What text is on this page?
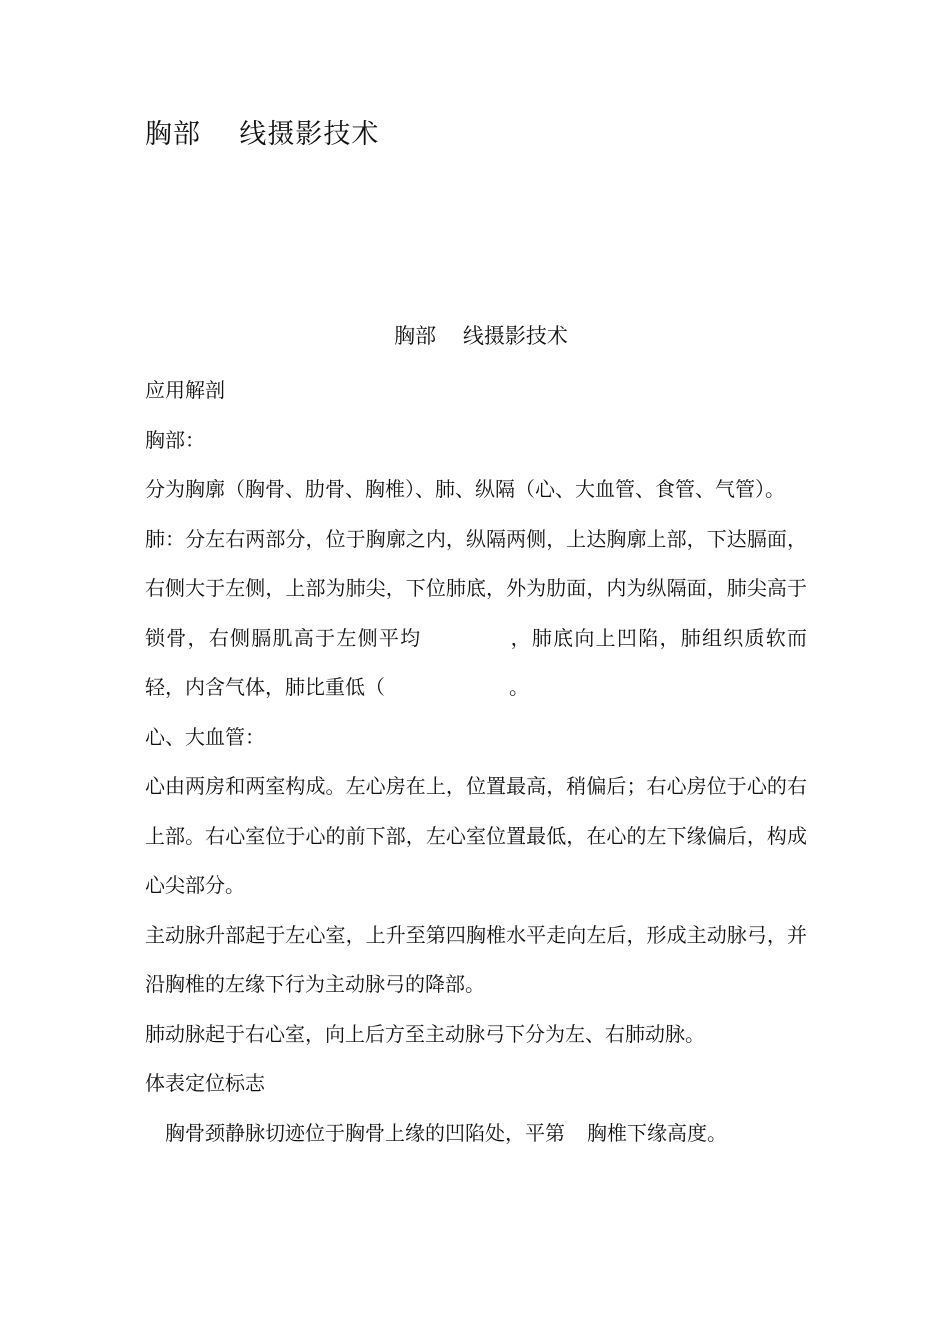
胸部    线摄影技术
胸部    线摄影技术

应用解剖

胸部：

分为胸廓（胸骨、肋骨、胸椎）、肺、纵隔（心、大血管、食管、气管）。

肺：分左右两部分，位于胸廓之内，纵隔两侧，上达胸廓上部，下达膈面，右侧大于左侧，上部为肺尖，下位肺底，外为肋面，内为纵隔面，肺尖高于锁骨，右侧膈肌高于左侧平均	，肺底向上凹陷，肺组织质软而轻，内含气体，肺比重低（	。

心、大血管：

心由两房和两室构成。左心房在上，位置最高，稍偏后；右心房位于心的右上部。右心室位于心的前下部，左心室位置最低，在心的左下缘偏后，构成心尖部分。

主动脉升部起于左心室，上升至第四胸椎水平走向左后，形成主动脉弓，并沿胸椎的左缘下行为主动脉弓的降部。

肺动脉起于右心室，向上后方至主动脉弓下分为左、右肺动脉。

体表定位标志

胸骨颈静脉切迹位于胸骨上缘的凹陷处，平第 胸椎下缘高度。
